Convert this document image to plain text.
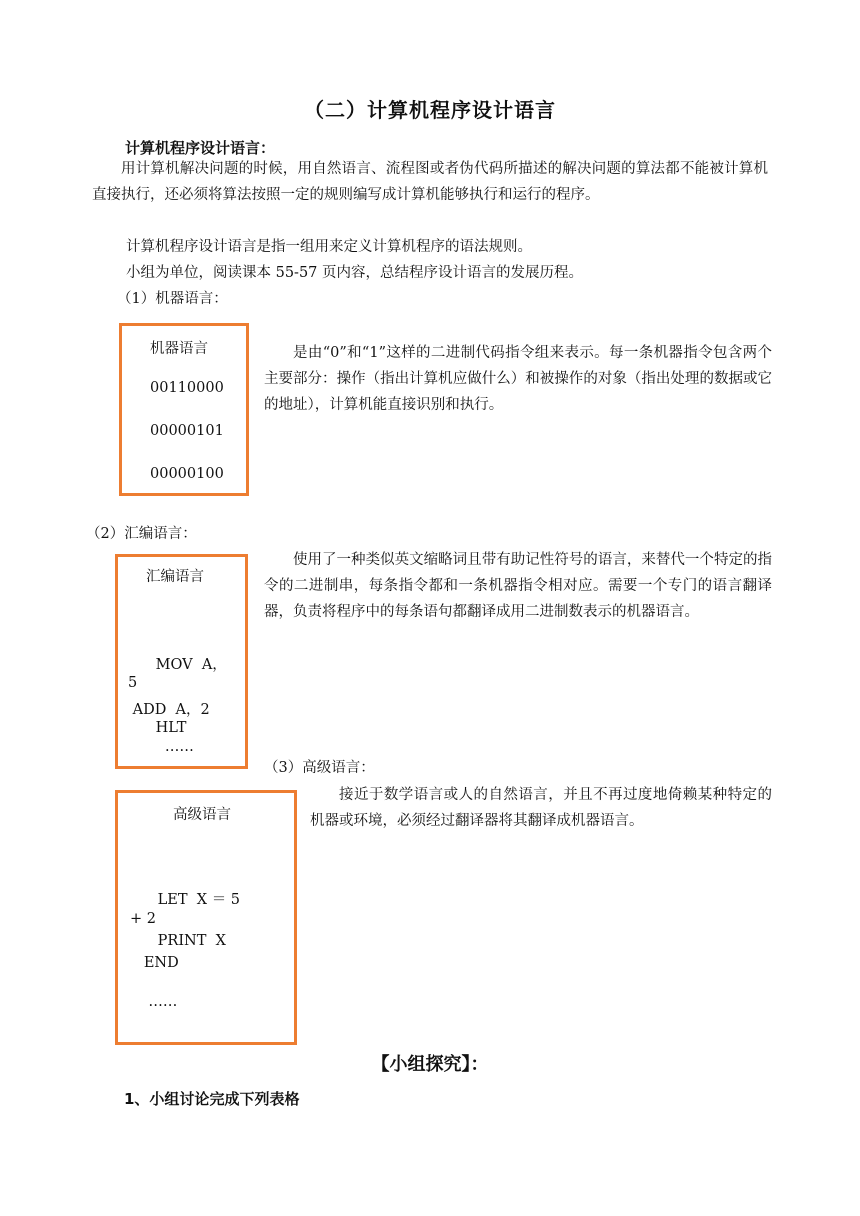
（二）计算机程序设计语言
计算机程序设计语言：
用计算机解决问题的时候，用自然语言、流程图或者伪代码所描述的解决问题的算法都不能被计算机直接执行，还必须将算法按照一定的规则编写成计算机能够执行和运行的程序。
计算机程序设计语言是指一组用来定义计算机程序的语法规则。
小组为单位，阅读课本 55-57 页内容，总结程序设计语言的发展历程。
（1）机器语言：
机器语言
00110000
00000101
00000100
是由“0”和“1”这样的二进制代码指令组来表示。每一条机器指令包含两个主要部分：操作（指出计算机应做什么）和被操作的对象（指出处理的数据或它的地址），计算机能直接识别和执行。
（2）汇编语言：
汇编语言
MOV  A，
5
ADD  A，2
HLT
……
使用了一种类似英文缩略词且带有助记性符号的语言，来替代一个特定的指令的二进制串，每条指令都和一条机器指令相对应。需要一个专门的语言翻译器，负责将程序中的每条语句都翻译成用二进制数表示的机器语言。
（3）高级语言：
高级语言
LET  X ＝ 5
+ 2
PRINT  X
END
……
接近于数学语言或人的自然语言，并且不再过度地倚赖某种特定的机器或环境，必须经过翻译器将其翻译成机器语言。
【小组探究】：
1、小组讨论完成下列表格
